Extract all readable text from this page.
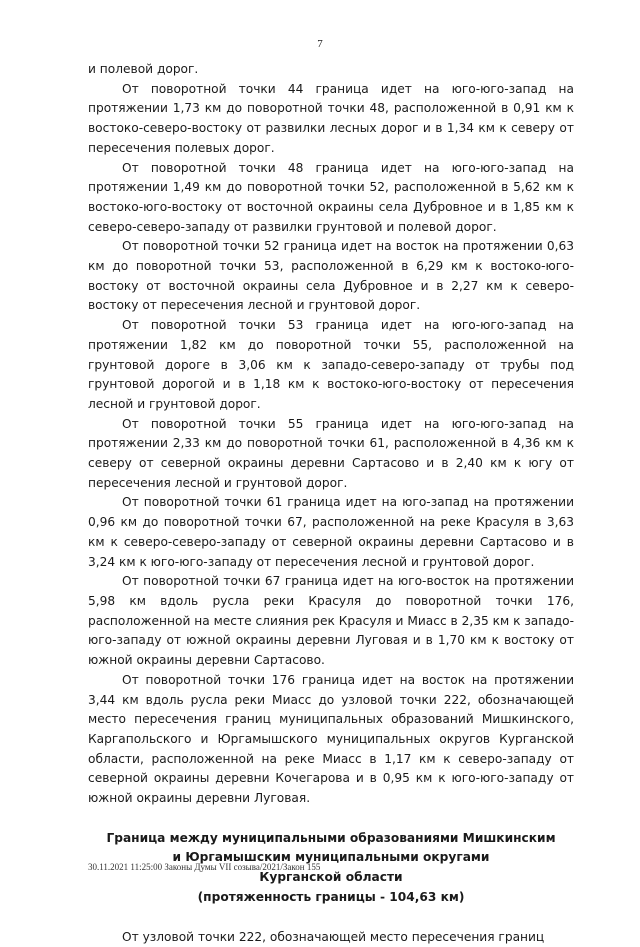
7

и полевой дорог.

От поворотной точки 44 граница идет на юго-юго-запад на протяжении 1,73 км до поворотной точки 48, расположенной в 0,91 км к востоко-северо-востоку от развилки лесных дорог и в 1,34 км к северу от пересечения полевых дорог.

От поворотной точки 48 граница идет на юго-юго-запад на протяжении 1,49 км до поворотной точки 52, расположенной в 5,62 км к востоко-юго-востоку от восточной окраины села Дубровное и в 1,85 км к северо-северо-западу от развилки грунтовой и полевой дорог.

От поворотной точки 52 граница идет на восток на протяжении 0,63 км до поворотной точки 53, расположенной в 6,29 км к востоко-юго-востоку от восточной окраины села Дубровное и в 2,27 км к северо-востоку от пересечения лесной и грунтовой дорог.

От поворотной точки 53 граница идет на юго-юго-запад на протяжении 1,82 км до поворотной точки 55, расположенной на грунтовой дороге в 3,06 км к западо-северо-западу от трубы под грунтовой дорогой и в 1,18 км к востоко-юго-востоку от пересечения лесной и грунтовой дорог.

От поворотной точки 55 граница идет на юго-юго-запад на протяжении 2,33 км до поворотной точки 61, расположенной в 4,36 км к северу от северной окраины деревни Сартасово и в 2,40 км к югу от пересечения лесной и грунтовой дорог.

От поворотной точки 61 граница идет на юго-запад на протяжении 0,96 км до поворотной точки 67, расположенной на реке Красуля в 3,63 км к северо-северо-западу от северной окраины деревни Сартасово и в 3,24 км к юго-юго-западу от пересечения лесной и грунтовой дорог.

От поворотной точки 67 граница идет на юго-восток на протяжении 5,98 км вдоль русла реки Красуля до поворотной точки 176, расположенной на месте слияния рек Красуля и Миасс в 2,35 км к западо-юго-западу от южной окраины деревни Луговая и в 1,70 км к востоку от южной окраины деревни Сартасово.

От поворотной точки 176 граница идет на восток на протяжении 3,44 км вдоль русла реки Миасс до узловой точки 222, обозначающей место пересечения границ муниципальных образований Мишкинского, Каргапольского и Юргамышского муниципальных округов Курганской области, расположенной на реке Миасс в 1,17 км к северо-западу от северной окраины деревни Кочегарова и в 0,95 км к юго-юго-западу от южной окраины деревни Луговая.

Граница между муниципальными образованиями Мишкинским
и Юргамышским муниципальными округами
Курганской области
(протяженность границы - 104,63 км)

От узловой точки 222, обозначающей место пересечения границ

30.11.2021 11:25:00 Законы Думы VII созыва/2021/Закон 155
